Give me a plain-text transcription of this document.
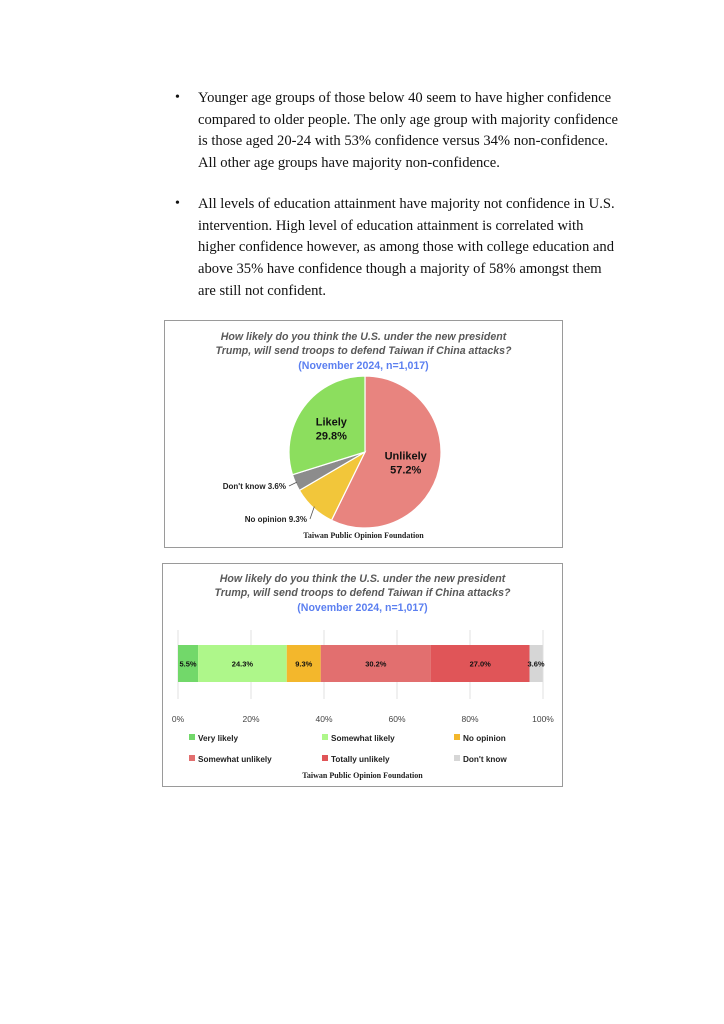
• Younger age groups of those below 40 seem to have higher confidence compared to older people. The only age group with majority confidence is those aged 20-24 with 53% confidence versus 34% non-confidence. All other age groups have majority non-confidence.
• All levels of education attainment have majority not confidence in U.S. intervention. High level of education attainment is correlated with higher confidence however, as among those with college education and above 35% have confidence though a majority of 58% amongst them are still not confident.
How likely do you think the U.S. under the new president
Trump, will send troops to defend Taiwan if China attacks?
(November 2024, n=1,017)
Unlikely
57.2%
Likely
29.8%
Don't know 3.6%
No opinion 9.3%
Taiwan Public Opinion Foundation
How likely do you think the U.S. under the new president
Trump, will send troops to defend Taiwan if China attacks?
(November 2024, n=1,017)
0%	20%	40%	60%	80%	100%
5.5%	24.3%	9.3%	30.2%	27.0%	3.6%
Very likely	Somewhat likely	No opinion
Somewhat unlikely	Totally unlikely	Don't know
Taiwan Public Opinion Foundation
